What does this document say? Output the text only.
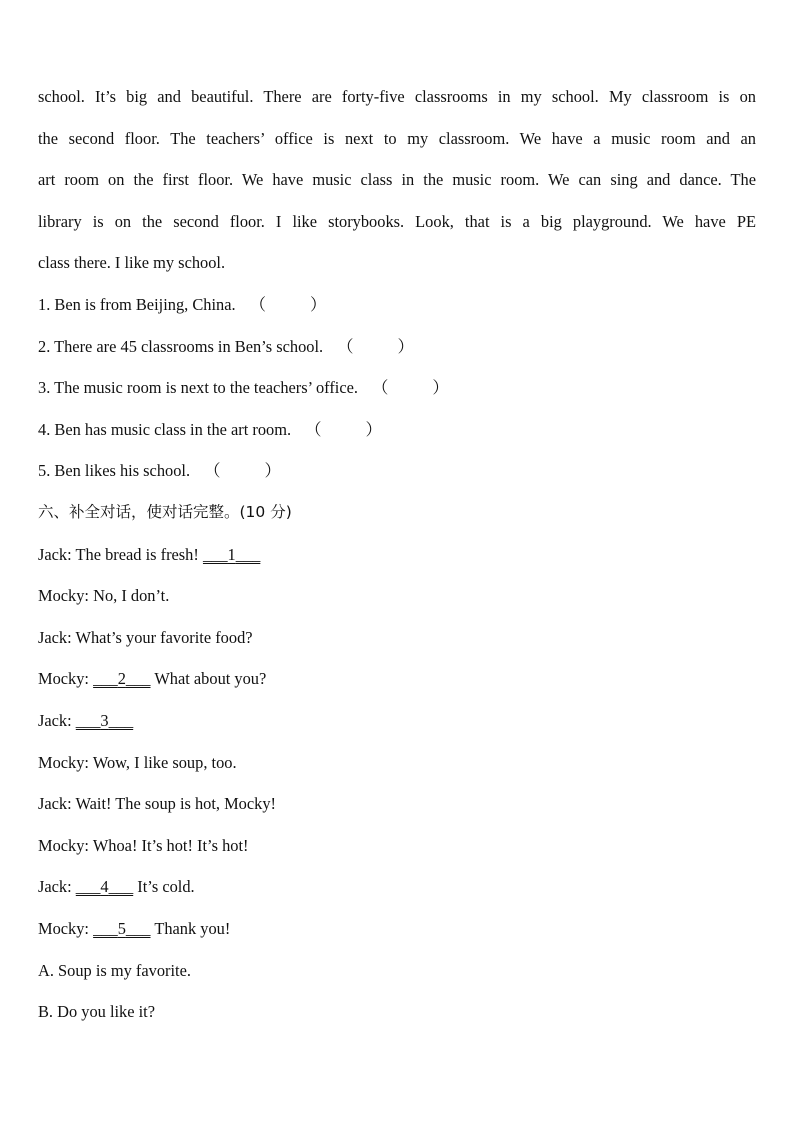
school. It’s big and beautiful. There are forty-five classrooms in my school. My classroom is on
the second floor. The teachers’ office is next to my classroom. We have a music room and an
art room on the first floor. We have music class in the music room. We can sing and dance. The
library is on the second floor. I like storybooks. Look, that is a big playground. We have PE
class there. I like my school.
1. Ben is from Beijing, China. （	）
2. There are 45 classrooms in Ben’s school. （	）
3. The music room is next to the teachers’ office. （	）
4. Ben has music class in the art room. （	）
5. Ben likes his school. （	）
六、补全对话，使对话完整。(10 分)
Jack: The bread is fresh! ___1___
Mocky: No, I don’t.
Jack: What’s your favorite food?
Mocky: ___2___ What about you?
Jack: ___3___
Mocky: Wow, I like soup, too.
Jack: Wait! The soup is hot, Mocky!
Mocky: Whoa! It’s hot! It’s hot!
Jack: ___4___ It’s cold.
Mocky: ___5___ Thank you!
A. Soup is my favorite.
B. Do you like it?
